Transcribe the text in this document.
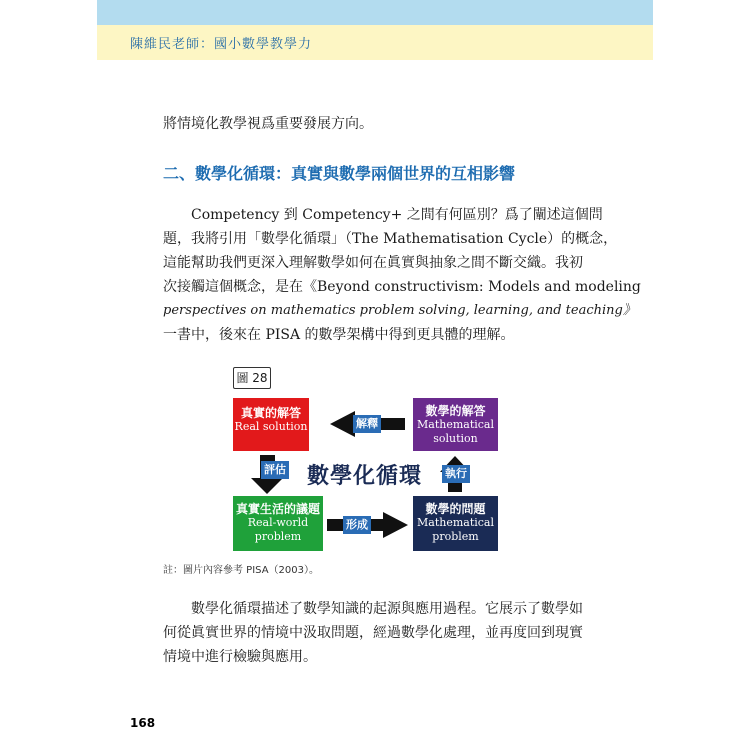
陳維民老師：國小數學教學力
將情境化教學視爲重要發展方向。
二、數學化循環：真實與數學兩個世界的互相影響
Competency 到 Competency+ 之間有何區別？爲了闡述這個問
題，我將引用「數學化循環」（The Mathematisation Cycle）的概念，
這能幫助我們更深入理解數學如何在眞實與抽象之間不斷交織。我初
次接觸這個概念，是在《Beyond constructivism: Models and modeling
perspectives on mathematics problem solving, learning, and teaching》
一書中，後來在 PISA 的數學架構中得到更具體的理解。
圖 28
真實的解答
Real solution
數學的解答
Mathematical
solution
真實生活的議題
Real-world
problem
數學的問題
Mathematical
problem
解釋
評估	執行
形成
數學化循環
註：圖片內容參考 PISA（2003）。
數學化循環描述了數學知識的起源與應用過程。它展示了數學如
何從眞實世界的情境中汲取問題，經過數學化處理，並再度回到現實
情境中進行檢驗與應用。
168
